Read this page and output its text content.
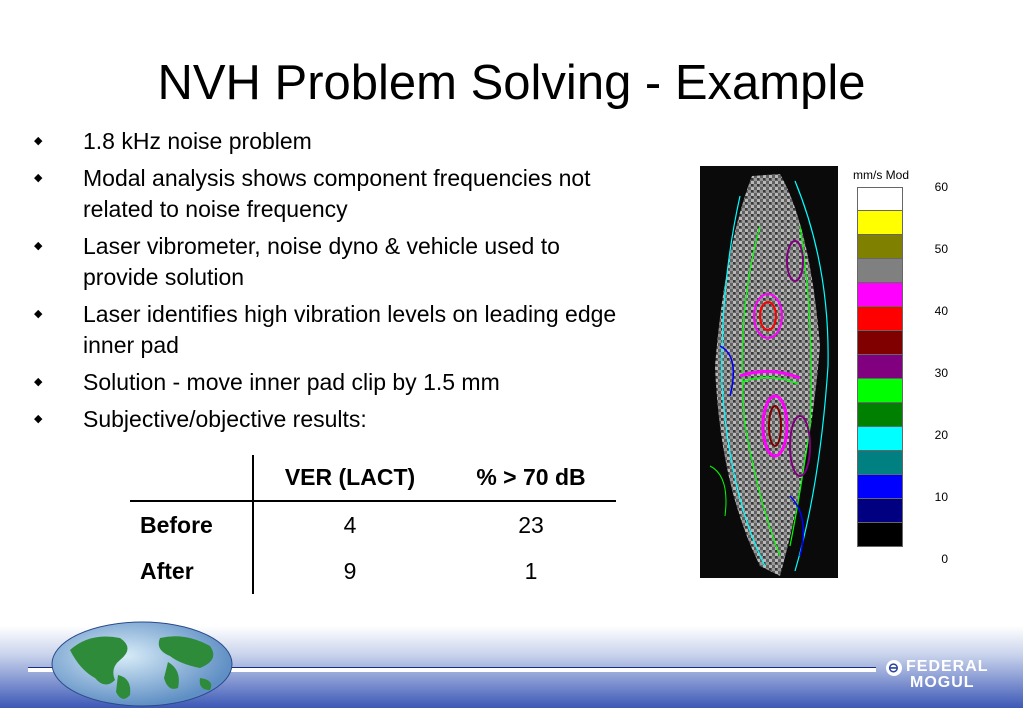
NVH Problem Solving - Example
◆ 1.8 kHz noise problem
◆ Modal analysis shows component frequencies not related to noise frequency
◆ Laser vibrometer, noise dyno & vehicle used to provide solution
◆ Laser identifies high vibration levels on leading edge inner pad
◆ Solution - move inner pad clip by 1.5 mm
◆ Subjective/objective results:
	VER (LACT)	% > 70 dB
Before	4	23
After	9	1
mm/s Mod
60
50
40
30
20
10
0
⊖ FEDERAL
MOGUL
